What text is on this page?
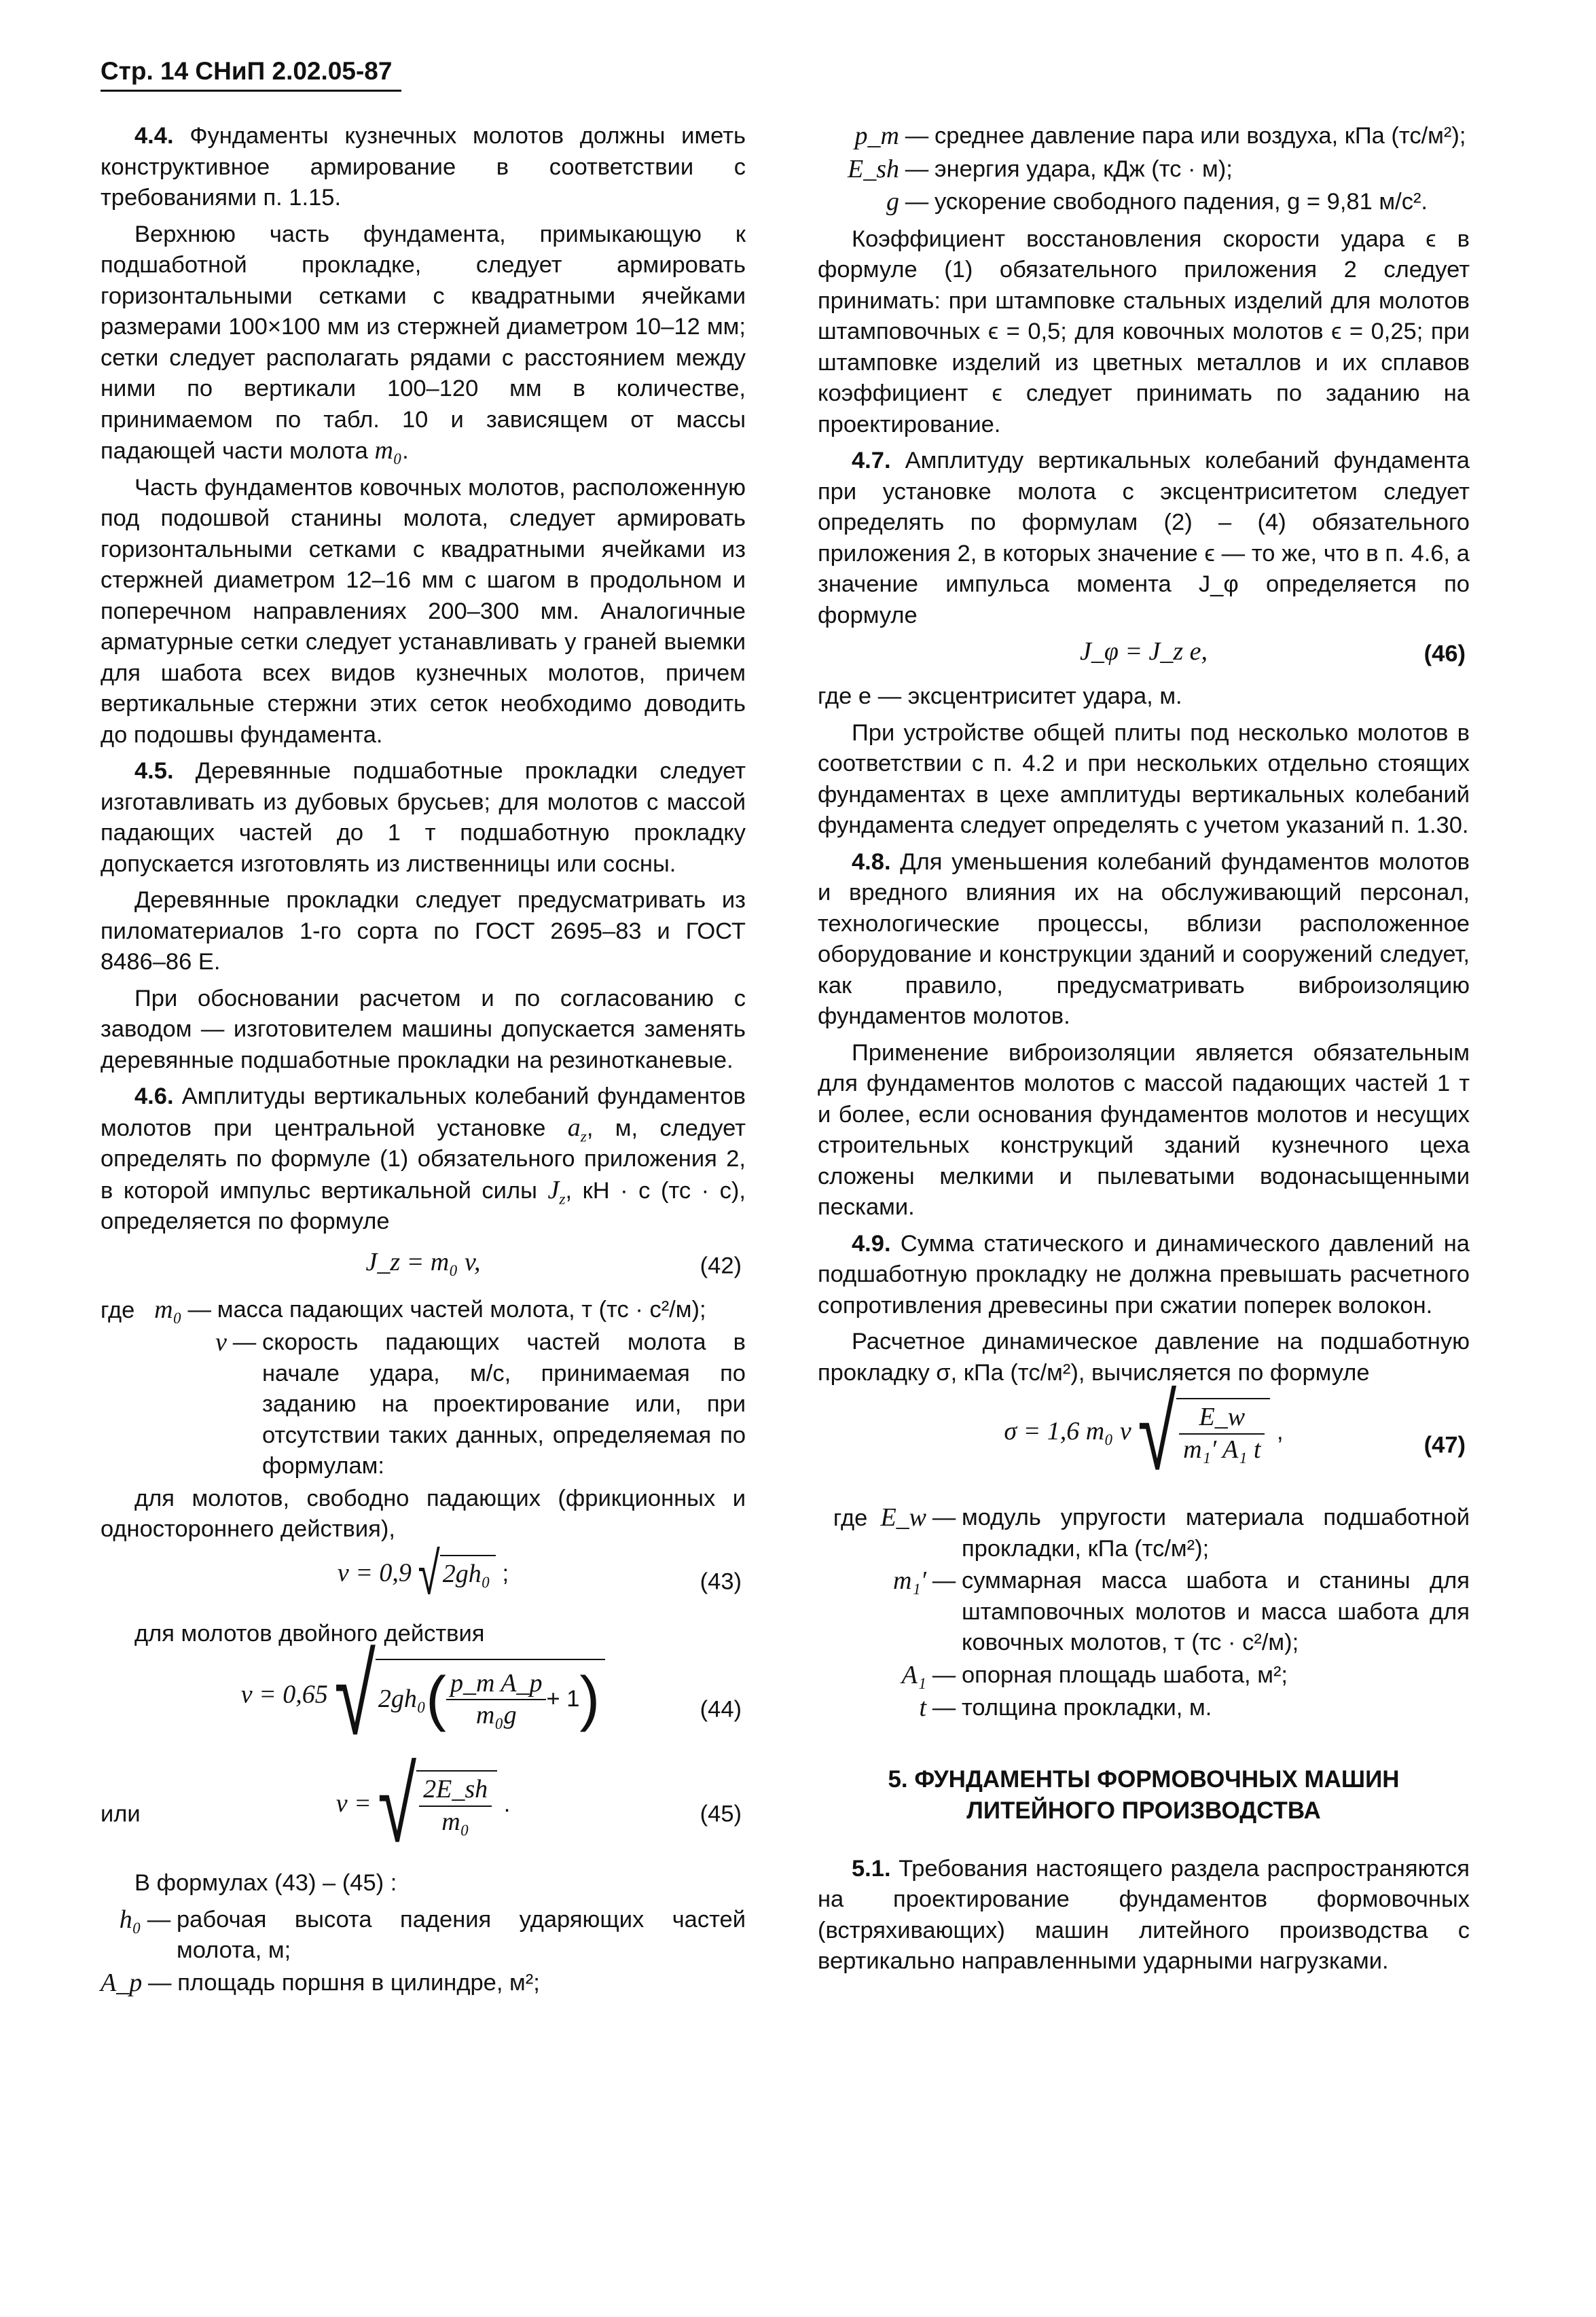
Стр. 14 СНиП 2.02.05-87

4.4. Фундаменты кузнечных молотов должны иметь конструктивное армирование в соответствии с требованиями п. 1.15.

Верхнюю часть фундамента, примыкающую к подшаботной прокладке, следует армировать горизонтальными сетками с квадратными ячейками размерами 100×100 мм из стержней диаметром 10–12 мм; сетки следует располагать рядами с расстоянием между ними по вертикали 100–120 мм в количестве, принимаемом по табл. 10 и зависящем от массы падающей части молота m₀.

Часть фундаментов ковочных молотов, расположенную под подошвой станины молота, следует армировать горизонтальными сетками с квадратными ячейками из стержней диаметром 12–16 мм с шагом в продольном и поперечном направлениях 200–300 мм. Аналогичные арматурные сетки следует устанавливать у граней выемки для шабота всех видов кузнечных молотов, причем вертикальные стержни этих сеток необходимо доводить до подошвы фундамента.

4.5. Деревянные подшаботные прокладки следует изготавливать из дубовых брусьев; для молотов с массой падающих частей до 1 т подшаботную прокладку допускается изготовлять из лиственницы или сосны.

Деревянные прокладки следует предусматривать из пиломатериалов 1-го сорта по ГОСТ 2695–83 и ГОСТ 8486–86 Е.

При обосновании расчетом и по согласованию с заводом — изготовителем машины допускается заменять деревянные подшаботные прокладки на резинотканевые.

4.6. Амплитуды вертикальных колебаний фундаментов молотов при центральной установке $a_z$, м, следует определять по формуле (1) обязательного приложения 2, в которой импульс вертикальной силы $J_z$, кН · с (тс · с), определяется по формуле

J_z = m₀ v,	(42)
где m₀ — масса падающих частей молота, т (тс · с²/м);
v — скорость падающих частей молота в начале удара, м/с, принимаемая по заданию на проектирование или, при отсутствии таких данных, определяемая по формулам:

для молотов, свободно падающих (фрикционных и одностороннего действия),

v = 0,9 √ 2gh₀ ;	(43)

для молотов двойного действия

v = 0,65 √ 2gh₀ ( $\frac{\text{p\_m A\_p}}{\text{m₀g}} + 1$ )	(44)
или	v = √ $\frac{2E\_sh}{\text{m₀}}$ .	(45)

В формулах (43) – (45) :

h₀ — рабочая высота падения ударяющих частей молота, м;
A_p — площадь поршня в цилиндре, м²;
p_m — среднее давление пара или воздуха, кПа (тс/м²);
E_sh — энергия удара, кДж (тс · м);
g — ускорение свободного падения, g = 9,81 м/с².

Коэффициент восстановления скорости удара ϵ в формуле (1) обязательного приложения 2 следует принимать: при штамповке стальных изделий для молотов штамповочных ϵ = 0,5; для ковочных молотов ϵ = 0,25; при штамповке изделий из цветных металлов и их сплавов коэффициент ϵ следует принимать по заданию на проектирование.

4.7. Амплитуду вертикальных колебаний фундамента при установке молота с эксцентриситетом следует определять по формулам (2) – (4) обязательного приложения 2, в которых значение ϵ — то же, что в п. 4.6, а значение импульса момента J_φ определяется по формуле

J_φ = J_z e,	(46)

где e — эксцентриситет удара, м.

При устройстве общей плиты под несколько молотов в соответствии с п. 4.2 и при нескольких отдельно стоящих фундаментах в цехе амплитуды вертикальных колебаний фундамента следует определять с учетом указаний п. 1.30.

4.8. Для уменьшения колебаний фундаментов молотов и вредного влияния их на обслуживающий персонал, технологические процессы, вблизи расположенное оборудование и конструкции зданий и сооружений следует, как правило, предусматривать виброизоляцию фундаментов молотов.

Применение виброизоляции является обязательным для фундаментов молотов с массой падающих частей 1 т и более, если основания фундаментов молотов и несущих строительных конструкций зданий кузнечного цеха сложены мелкими и пылеватыми водонасыщенными песками.

4.9. Сумма статического и динамического давлений на подшаботную прокладку не должна превышать расчетного сопротивления древесины при сжатии поперек волокон.

Расчетное динамическое давление на подшаботную прокладку σ, кПа (тс/м²), вычисляется по формуле

σ = 1,6 m₀ v √ $\frac{E\_w}{\text{m₁′ A₁ t}}$ ,
(47)
где E_w — модуль упругости материала подшаботной прокладки, кПа (тс/м²);
m₁′ — суммарная масса шабота и станины для штамповочных молотов и масса шабота для ковочных молотов, т (тс · с²/м);
A₁ — опорная площадь шабота, м²;
t — толщина прокладки, м.
5. ФУНДАМЕНТЫ ФОРМОВОЧНЫХ МАШИН ЛИТЕЙНОГО ПРОИЗВОДСТВА

5.1. Требования настоящего раздела распространяются на проектирование фундаментов формовочных (встряхивающих) машин литейного производства с вертикально направленными ударными нагрузками.
